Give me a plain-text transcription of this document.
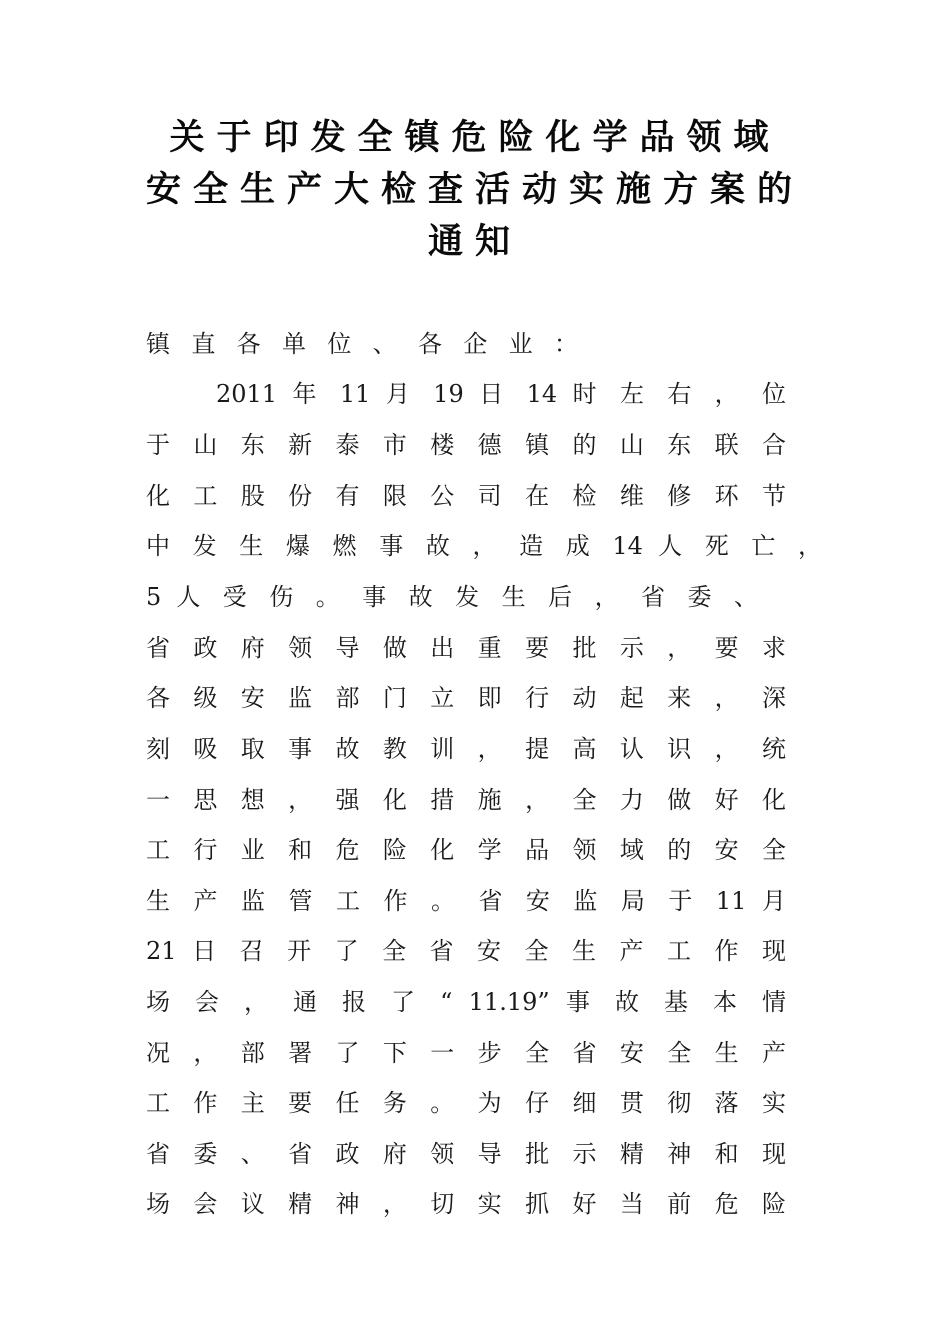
关于印发全镇危险化学品领域
安全生产大检查活动实施方案的
通知
镇 直 各 单 位 、 各 企 业 ：
2011 年 11 月 19 日 14 时 左 右 ， 位
于 山 东 新 泰 市 楼 德 镇 的 山 东 联 合
化 工 股 份 有 限 公 司 在 检 维 修 环 节
中 发 生 爆 燃 事 故 ， 造 成 14 人 死 亡 ，
5 人 受 伤 。 事 故 发 生 后 ， 省 委 、
省 政 府 领 导 做 出 重 要 批 示 ， 要 求
各 级 安 监 部 门 立 即 行 动 起 来 ， 深
刻 吸 取 事 故 教 训 ， 提 高 认 识 ， 统
一 思 想 ， 强 化 措 施 ， 全 力 做 好 化
工 行 业 和 危 险 化 学 品 领 域 的 安 全
生 产 监 管 工 作 。 省 安 监 局 于 11 月
21 日 召 开 了 全 省 安 全 生 产 工 作 现
场 会 ， 通 报 了 “ 11.19” 事 故 基 本 情
况 ， 部 署 了 下 一 步 全 省 安 全 生 产
工 作 主 要 任 务 。 为 仔 细 贯 彻 落 实
省 委 、 省 政 府 领 导 批 示 精 神 和 现
场 会 议 精 神 ， 切 实 抓 好 当 前 危 险
